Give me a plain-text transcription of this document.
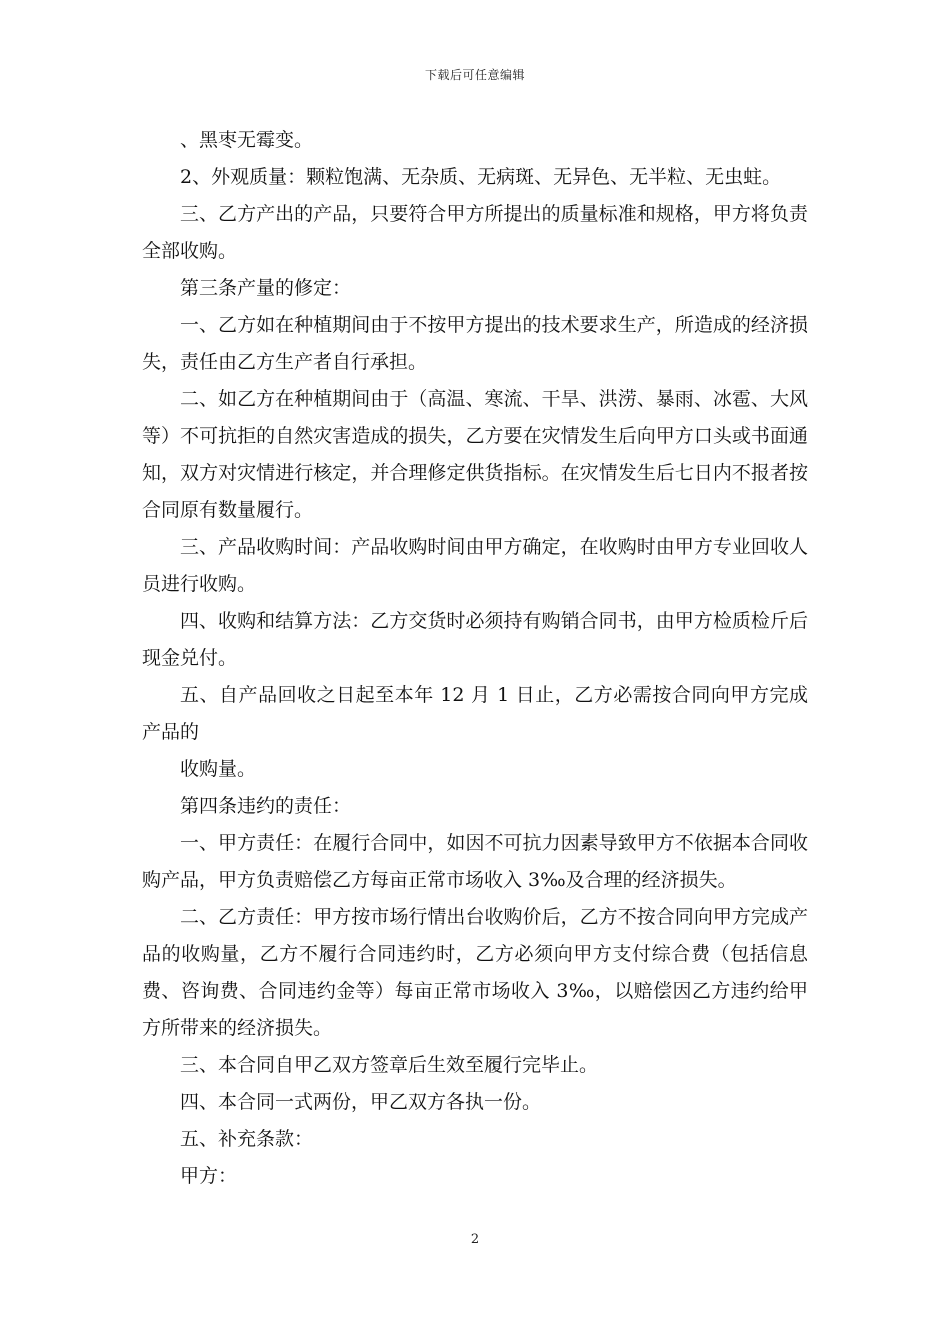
下载后可任意编辑

、黑枣无霉变。

2、外观质量：颗粒饱满、无杂质、无病斑、无异色、无半粒、无虫蛀。

三、乙方产出的产品，只要符合甲方所提出的质量标准和规格，甲方将负责全部收购。

第三条产量的修定：

一、乙方如在种植期间由于不按甲方提出的技术要求生产，所造成的经济损失，责任由乙方生产者自行承担。

二、如乙方在种植期间由于（高温、寒流、干旱、洪涝、暴雨、冰雹、大风等）不可抗拒的自然灾害造成的损失，乙方要在灾情发生后向甲方口头或书面通知，双方对灾情进行核定，并合理修定供货指标。在灾情发生后七日内不报者按合同原有数量履行。

三、产品收购时间：产品收购时间由甲方确定，在收购时由甲方专业回收人员进行收购。

四、收购和结算方法：乙方交货时必须持有购销合同书，由甲方检质检斤后现金兑付。

五、自产品回收之日起至本年 12 月 1 日止，乙方必需按合同向甲方完成产品的

收购量。

第四条违约的责任：

一、甲方责任：在履行合同中，如因不可抗力因素导致甲方不依据本合同收购产品，甲方负责赔偿乙方每亩正常市场收入 3‰及合理的经济损失。

二、乙方责任：甲方按市场行情出台收购价后，乙方不按合同向甲方完成产品的收购量，乙方不履行合同违约时，乙方必须向甲方支付综合费（包括信息费、咨询费、合同违约金等）每亩正常市场收入 3‰，以赔偿因乙方违约给甲方所带来的经济损失。

三、本合同自甲乙双方签章后生效至履行完毕止。

四、本合同一式两份，甲乙双方各执一份。

五、补充条款：

甲方：

2
